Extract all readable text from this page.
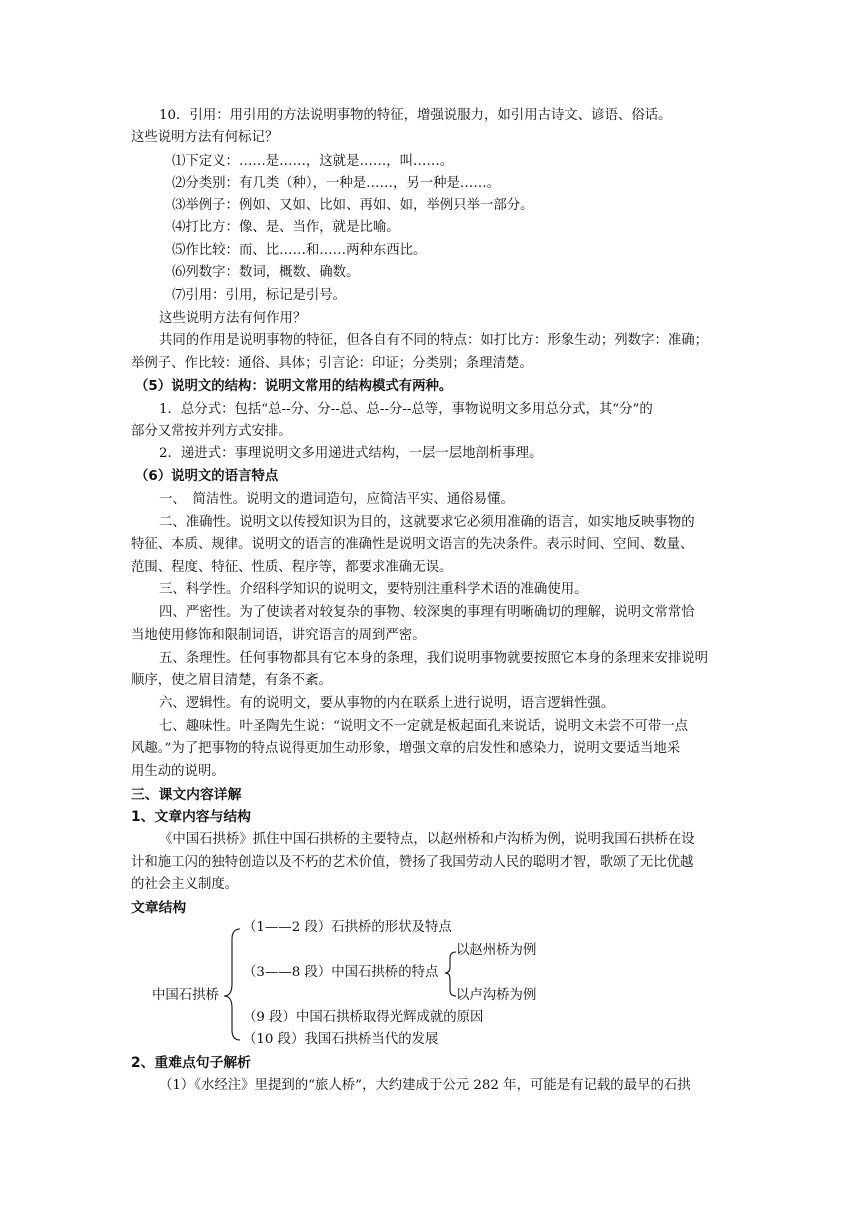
10．引用：用引用的方法说明事物的特征，增强说服力，如引用古诗文、谚语、俗话。
这些说明方法有何标记？
⑴下定义：……是……，这就是……，叫……。
⑵分类别：有几类（种），一种是……，另一种是……。
⑶举例子：例如、又如、比如、再如、如，举例只举一部分。
⑷打比方：像、是、当作，就是比喻。
⑸作比较：而、比……和……两种东西比。
⑹列数字：数词，概数、确数。
⑺引用：引用，标记是引号。
这些说明方法有何作用？
共同的作用是说明事物的特征，但各自有不同的特点：如打比方：形象生动；列数字：准确；
举例子、作比较：通俗、具体；引言论：印证；分类别；条理清楚。
（5）说明文的结构：说明文常用的结构模式有两种。
1．总分式：包括“总--分、分--总、总--分--总等，事物说明文多用总分式，其“分”的
部分又常按并列方式安排。
2．递进式：事理说明文多用递进式结构，一层一层地剖析事理。
（6）说明文的语言特点
一、　简洁性。说明文的遣词造句，应简洁平实、通俗易懂。
二、准确性。说明文以传授知识为目的，这就要求它必须用准确的语言，如实地反映事物的
特征、本质、规律。说明文的语言的准确性是说明文语言的先决条件。表示时间、空间、数量、
范围、程度、特征、性质、程序等，都要求准确无误。
三、科学性。介绍科学知识的说明文，要特别注重科学术语的准确使用。
四、严密性。为了使读者对较复杂的事物、较深奥的事理有明晰确切的理解，说明文常常恰
当地使用修饰和限制词语，讲究语言的周到严密。
五、条理性。任何事物都具有它本身的条理，我们说明事物就要按照它本身的条理来安排说明
顺序，使之眉目清楚，有条不紊。
六、逻辑性。有的说明文，要从事物的内在联系上进行说明，语言逻辑性强。
七、趣味性。叶圣陶先生说：“说明文不一定就是板起面孔来说话，说明文未尝不可带一点
风趣。”为了把事物的特点说得更加生动形象，增强文章的启发性和感染力，说明文要适当地采
用生动的说明。
三、课文内容详解
1、文章内容与结构
《中国石拱桥》抓住中国石拱桥的主要特点，以赵州桥和卢沟桥为例，说明我国石拱桥在设
计和施工闪的独特创造以及不朽的艺术价值，赞扬了我国劳动人民的聪明才智，歌颂了无比优越
的社会主义制度。
文章结构
中国石拱桥
（1——2 段）石拱桥的形状及特点
（3——8 段）中国石拱桥的特点
以赵州桥为例
以卢沟桥为例
（9 段）中国石拱桥取得光辉成就的原因
（10 段）我国石拱桥当代的发展
2、重难点句子解析
（1）《水经注》里提到的“旅人桥”，大约建成于公元 282 年，可能是有记载的最早的石拱
